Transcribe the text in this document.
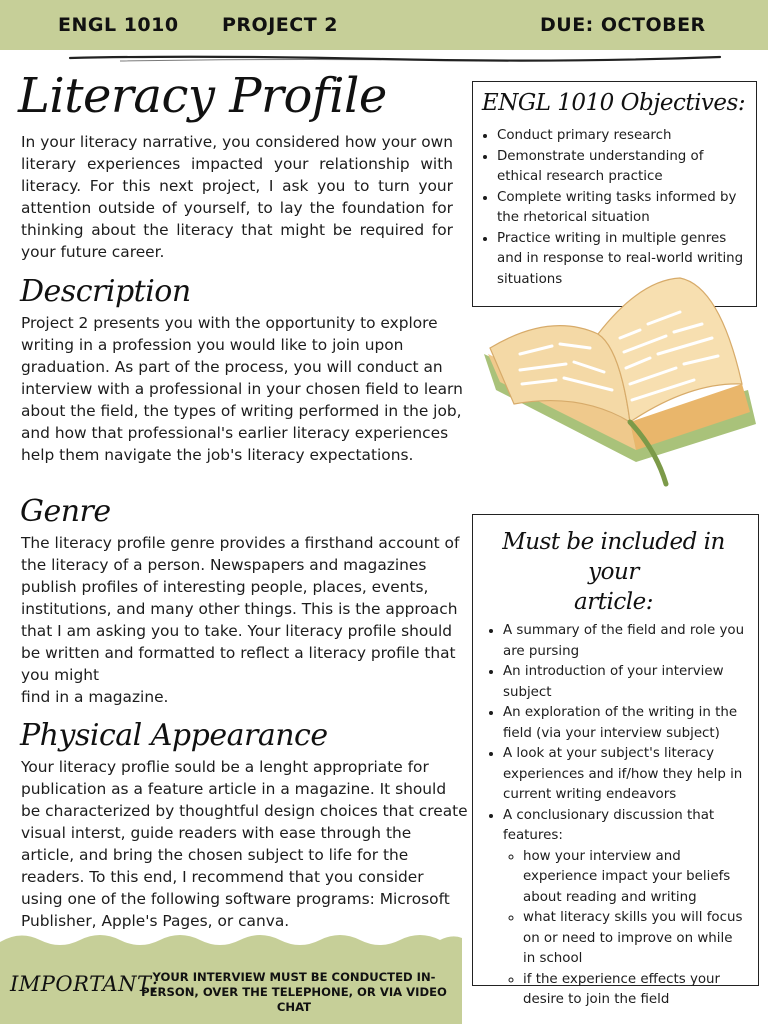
ENGL 1010 PROJECT 2	DUE: OCTOBER
Literacy Profile

In your literacy narrative, you considered how your own literary experiences impacted your relationship with literacy. For this next project, I ask you to turn your attention outside of yourself, to lay the foundation for thinking about the literacy that might be required for your future career.

Description

Project 2 presents you with the opportunity to explore writing in a profession you would like to join upon graduation. As part of the process, you will conduct an interview with a professional in your chosen field to learn about the field, the types of writing performed in the job, and how that professional's earlier literacy experiences help them navigate the job's literacy expectations.

Genre

The literacy profile genre provides a firsthand account of the literacy of a person. Newspapers and magazines publish profiles of interesting people, places, events, institutions, and many other things. This is the approach that I am asking you to take. Your literacy profile should be written and formatted to reflect a literacy profile that you might
find in a magazine.

Physical Appearance

Your literacy proflie sould be a lenght appropriate for publication as a feature article in a magazine. It should be characterized by thoughtful design choices that create visual interst, guide readers with ease through the article, and bring the chosen subject to life for the readers. To this end, I recommend that you consider using one of the following software programs: Microsoft Publisher, Apple's Pages, or canva.

ENGL 1010 Objectives:
• Conduct primary research
• Demonstrate understanding of ethical research practice
• Complete writing tasks informed by the rhetorical situation
• Practice writing in multiple genres and in response to real-world writing situations
Must be included in your
article:
• A summary of the field and role you are pursing
• An introduction of your interview subject
• An exploration of the writing in the field (via your interview subject)
• A look at your subject's literacy experiences and if/how they help in current writing endeavors
• A conclusionary discussion that features:
◦ how your interview and experience impact your beliefs about reading and writing
◦ what literacy skills you will focus on or need to improve on while in school
◦ if the experience effects your desire to join the field
IMPORTANT:
YOUR INTERVIEW MUST BE CONDUCTED IN-PERSON, OVER THE TELEPHONE, OR VIA VIDEO CHAT
